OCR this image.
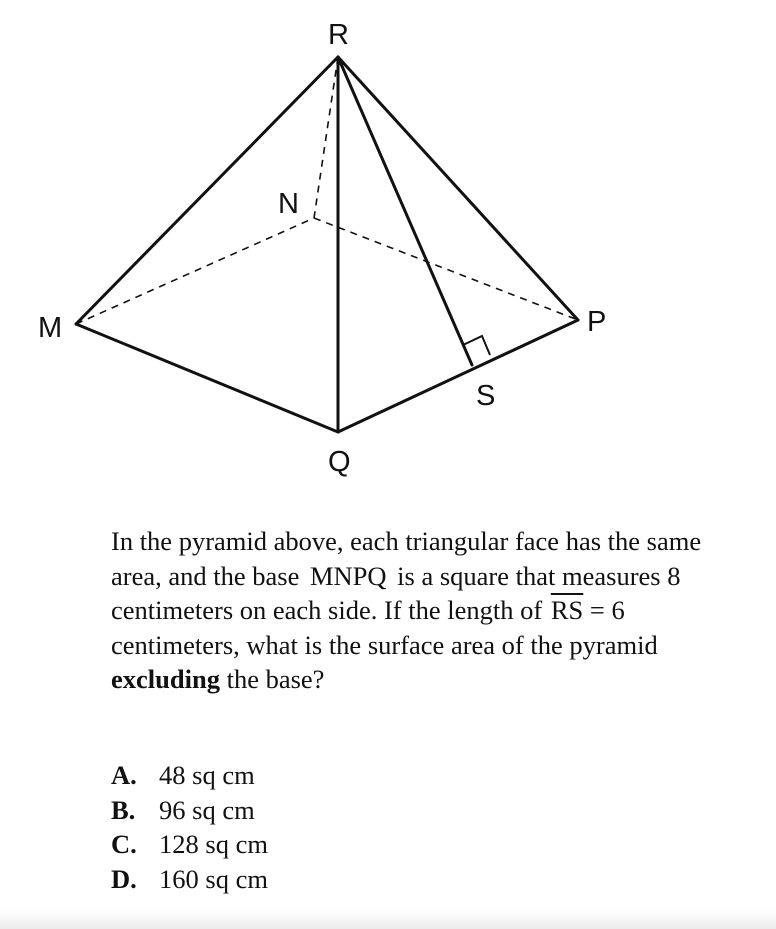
R
N
M	P
S
Q
In the pyramid above, each triangular face has the same area, and the base MNPQ is a square that measures 8 centimeters on each side. If the length of $\overline{RS} = 6$ centimeters, what is the surface area of the pyramid excluding the base?
A. 48 sq cm
B. 96 sq cm
C. 128 sq cm
D. 160 sq cm
